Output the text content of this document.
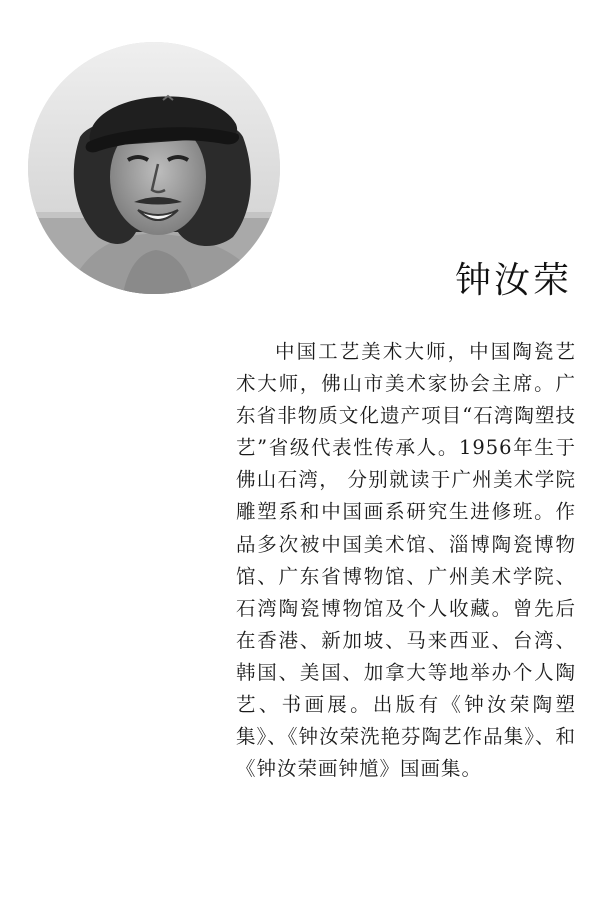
钟汝荣

中国工艺美术大师，中国陶瓷艺术大师，佛山市美术家协会主席。广东省非物质文化遗产项目“石湾陶塑技艺”省级代表性传承人。1956年生于佛山石湾， 分别就读于广州美术学院雕塑系和中国画系研究生进修班。作品多次被中国美术馆、淄博陶瓷博物馆、广东省博物馆、广州美术学院、石湾陶瓷博物馆及个人收藏。曾先后在香港、新加坡、马来西亚、台湾、韩国、美国、加拿大等地举办个人陶艺、书画展。出版有《钟汝荣陶塑集》、《钟汝荣洗艳芬陶艺作品集》、和《钟汝荣画钟馗》国画集。
